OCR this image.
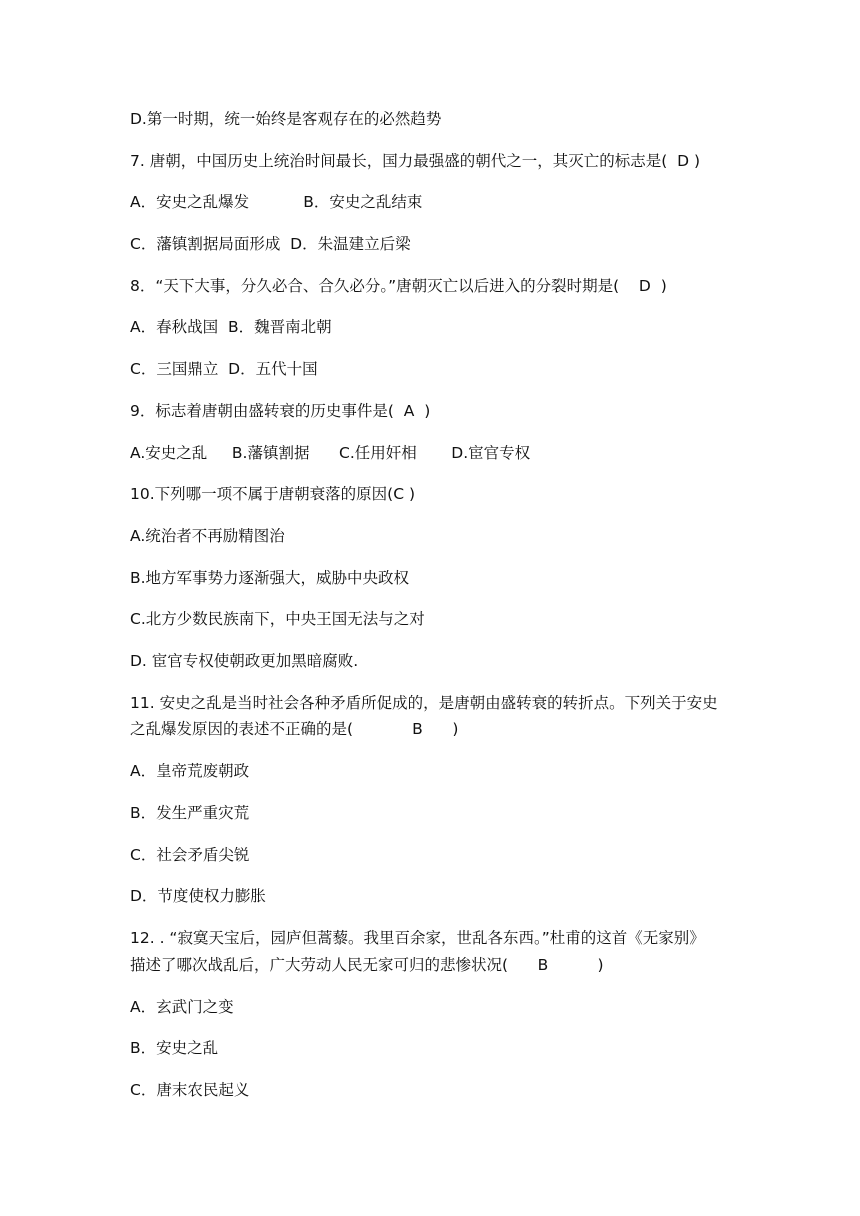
D.第一时期，统一始终是客观存在的必然趋势
7. 唐朝，中国历史上统治时间最长，国力最强盛的朝代之一，其灭亡的标志是(  D )
A．安史之乱爆发           B．安史之乱结束
C．藩镇割据局面形成  D．朱温建立后梁
8．“天下大事，分久必合、合久必分。”唐朝灭亡以后进入的分裂时期是(    D  )
A．春秋战国  B．魏晋南北朝
C．三国鼎立  D．五代十国
9．标志着唐朝由盛转衰的历史事件是(  A  )
A.安史之乱     B.藩镇割据      C.任用奸相       D.宦官专权
10.下列哪一项不属于唐朝衰落的原因(C )
A.统治者不再励精图治
B.地方军事势力逐渐强大，威胁中央政权
C.北方少数民族南下，中央王国无法与之对
D. 宦官专权使朝政更加黑暗腐败.
11. 安史之乱是当时社会各种矛盾所促成的，是唐朝由盛转衰的转折点。下列关于安史
之乱爆发原因的表述不正确的是(            B      )
A．皇帝荒废朝政
B．发生严重灾荒
C．社会矛盾尖锐
D．节度使权力膨胀
12. . “寂寞天宝后，园庐但蒿藜。我里百余家，世乱各东西。”杜甫的这首《无家别》
描述了哪次战乱后，广大劳动人民无家可归的悲惨状况(      B          )
A．玄武门之变
B．安史之乱
C．唐末农民起义
